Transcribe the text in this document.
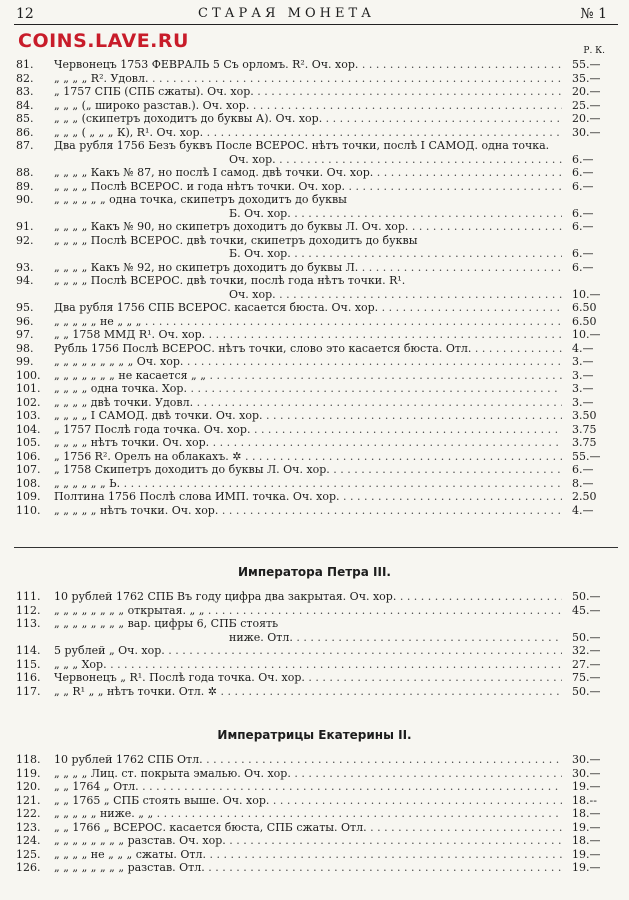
12	СТАРАЯ МОНЕТА	№ 1
COINS.LAVE.RU	Р. К.
81.	Червонецъ 1753 ФЕВРАЛЬ 5 Съ орломъ. R². Оч. хор. . . .	55.—
82.	„ „ „ „ R². Удовл. . . .	35.—
83.	„ 1757 СПБ (СПБ сжаты). Оч. хор. . . .	20.—
84.	„ „ „ („ широко разстав.). Оч. хор. . . .	25.—
85.	„ „ „ (скипетръ доходитъ до буквы А). Оч. хор. . . .	20.—
86.	„ „ „ ( „ „ „ К), R¹. Оч. хор. . . .	30.—
87.	Два рубля 1756 Безъ буквъ После ВСЕРОС. нѣтъ точки, послѣ I САМОД. одна точка.
Оч. хор. . . .	6.—
88.	„ „ „ „ Какъ № 87, но послѣ I самод. двѣ точки. Оч. хор. . . .	6.—
89.	„ „ „ „ Послѣ ВСЕРОС. и года нѣтъ точки. Оч. хор. . . .	6.—
90.	„ „ „ „ „ „ одна точка, скипетръ доходитъ до буквы
Б. Оч. хор. . . .	6.—
91.	„ „ „ „ Какъ № 90, но скипетръ доходитъ до буквы Л. Оч. хор. . . .	6.—
92.	„ „ „ „ Послѣ ВСЕРОС. двѣ точки, скипетръ доходитъ до буквы
Б. Оч. хор. . . .	6.—
93.	„ „ „ „ Какъ № 92, но скипетръ доходитъ до буквы Л. . . .	6.—
94.	„ „ „ „ Послѣ ВСЕРОС. двѣ точки, послѣ года нѣтъ точки. R¹.
Оч. хор. . . .	10.—
95.	Два рубля 1756 СПБ ВСЕРОС. касается бюста. Оч. хор. . . .	6.50
96.	„ „ „ „ „ не „ „ „ . . .	6.50
97.	„ „ 1758 ММД R¹. Оч. хор. . . .	10.—
98.	Рубль 1756 Послѣ ВСЕРОС. нѣтъ точки, слово это касается бюста. Отл. . . .	4.—
99.	„ „ „ „ „ „ „ „ „ Оч. хор. . . .	3.—
100.	„ „ „ „ „ „ „ не касается „ „ . . .	3.—
101.	„ „ „ „ одна точка. Хор. . . .	3.—
102.	„ „ „ „ двѣ точки. Удовл. . . .	3.—
103.	„ „ „ „ I САМОД. двѣ точки. Оч. хор. . . .	3.50
104.	„ 1757 Послѣ года точка. Оч. хор. . . .	3.75
105.	„ „ „ „ нѣтъ точки. Оч. хор. . . .	3.75
106.	„ 1756 R². Орелъ на облакахъ. ✲ . . .	55.—
107.	„ 1758 Скипетръ доходитъ до буквы Л. Оч. хор. . . .	6.—
108.	„ „ „ „ „ „ Ь. . . .	8.—
109.	Полтина 1756 Послѣ слова ИМП. точка. Оч. хор. . . .	2.50
110.	„ „ „ „ „ нѣтъ точки. Оч. хор. . . .	4.—
Императора Петра III.
111.	10 рублей 1762 СПБ Въ году цифра два закрытая. Оч. хор. . . .	50.—
112.	„ „ „ „ „ „ „ „ открытая. „ „ . . .	45.—
113.	„ „ „ „ „ „ „ „ вар. цифры 6, СПБ стоять
ниже. Отл. . . .	50.—
114.	5 рублей „ Оч. хор. . . .	32.—
115.	„ „ „ Хор. . . .	27.—
116.	Червонецъ „ R¹. Послѣ года точка. Оч. хор. . . .	75.—
117.	„ „ R¹ „ „ нѣтъ точки. Отл. ✲ . . .	50.—
Императрицы Екатерины II.
118.	10 рублей 1762 СПБ Отл. . . .	30.—
119.	„ „ „ „ Лиц. ст. покрыта эмалью. Оч. хор. . . .	30.—
120.	„ „ 1764 „ Отл. . . .	19.—
121.	„ „ 1765 „ СПБ стоять выше. Оч. хор. . . .	18.--
122.	„ „ „ „ „ ниже. „ „ . . .	18.—
123.	„ „ 1766 „ ВСЕРОС. касается бюста, СПБ сжаты. Отл. . . .	19.—
124.	„ „ „ „ „ „ „ „ разстав. Оч. хор. . . .	18.—
125.	„ „ „ „ не „ „ „ сжаты. Отл. . . .	19.—
126.	„ „ „ „ „ „ „ „ разстав. Отл. . . .	19.—
